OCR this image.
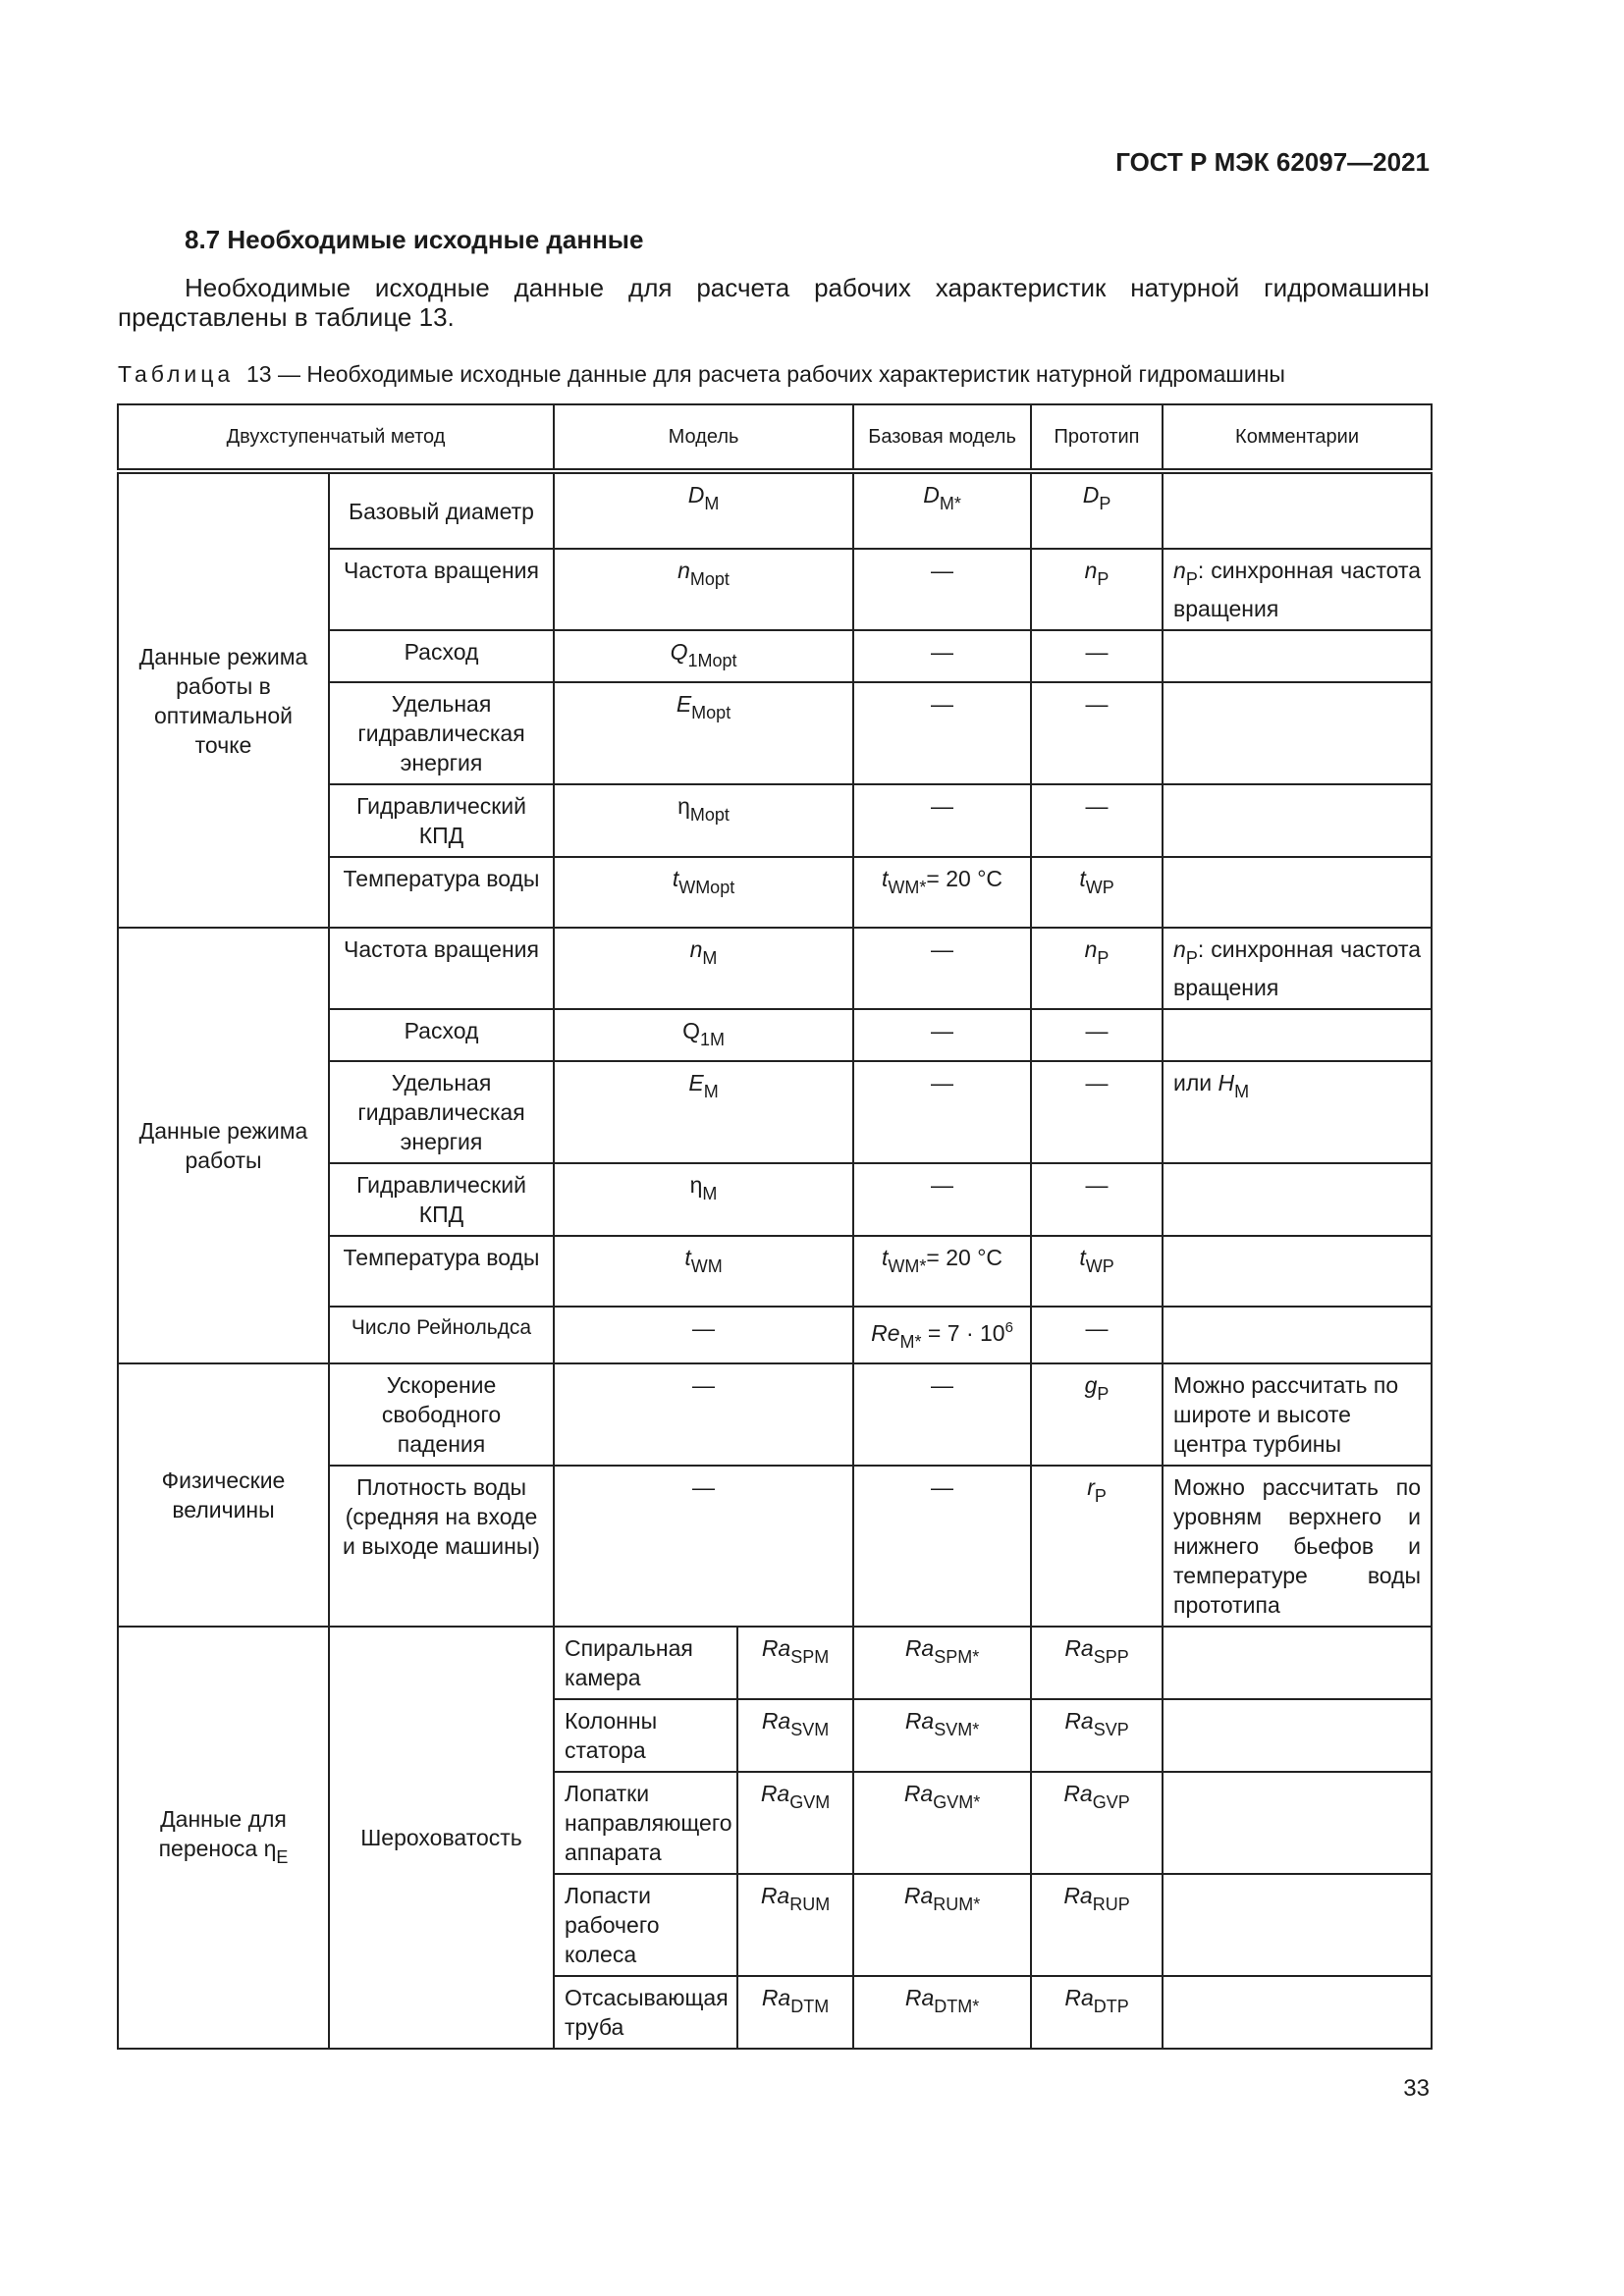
ГОСТ Р МЭК 62097—2021
8.7 Необходимые исходные данные
Необходимые исходные данные для расчета рабочих характеристик натурной гидромашины представлены в таблице 13.
Таблица 13 — Необходимые исходные данные для расчета рабочих характеристик натурной гидромашины
Двухступенчатый метод		Модель		Базовая модель	Прототип	Комментарии
Данные режима работы в оптимальной точке	Базовый диаметр	$D_M$		$D_{M*}$	$D_P$	
	Частота вращения	$n_{Mopt}$		—	$n_P$	$n_P$: синхронная частота вращения
	Расход	$Q_{1Mopt}$		—	—	
	Удельная гидравлическая энергия	$E_{Mopt}$		—	—	
	Гидравлический КПД	$\eta_{Mopt}$		—	—	
	Температура воды	$t_{WMopt}$		$t_{WM*}= 20$ °C	$t_{WP}$	
Данные режима работы	Частота вращения	$n_M$		—	$n_P$	$n_P$: синхронная частота вращения
	Расход	$Q_{1M}$		—	—	
	Удельная гидравлическая энергия	$E_M$		—	—	или $H_M$
	Гидравлический КПД	$\eta_M$		—	—	
	Температура воды	$t_{WM}$		$t_{WM*}= 20$ °C	$t_{WP}$	
	Число Рейнольдса	—		$Re_{M*} = 7 \cdot 10^6$	—	
Физические величины	Ускорение свободного падения	—		—	$g_P$	Можно рассчитать по широте и высоте центра турбины
	Плотность воды (средняя на входе и выходе машины)	—		—	$r_P$	Можно рассчитать по уровням верхнего и нижнего бьефов и температуре воды прототипа
Данные для переноса $\eta_E$	Шероховатость	Спиральная камера	$Ra_{SPM}$	$Ra_{SPM*}$	$Ra_{SPP}$	
		Колонны статора	$Ra_{SVM}$	$Ra_{SVM*}$	$Ra_{SVP}$	
		Лопатки направляющего аппарата	$Ra_{GVM}$	$Ra_{GVM*}$	$Ra_{GVP}$	
		Лопасти рабочего колеса	$Ra_{RUM}$	$Ra_{RUM*}$	$Ra_{RUP}$	
		Отсасывающая труба	$Ra_{DTM}$	$Ra_{DTM*}$	$Ra_{DTP}$	
33
